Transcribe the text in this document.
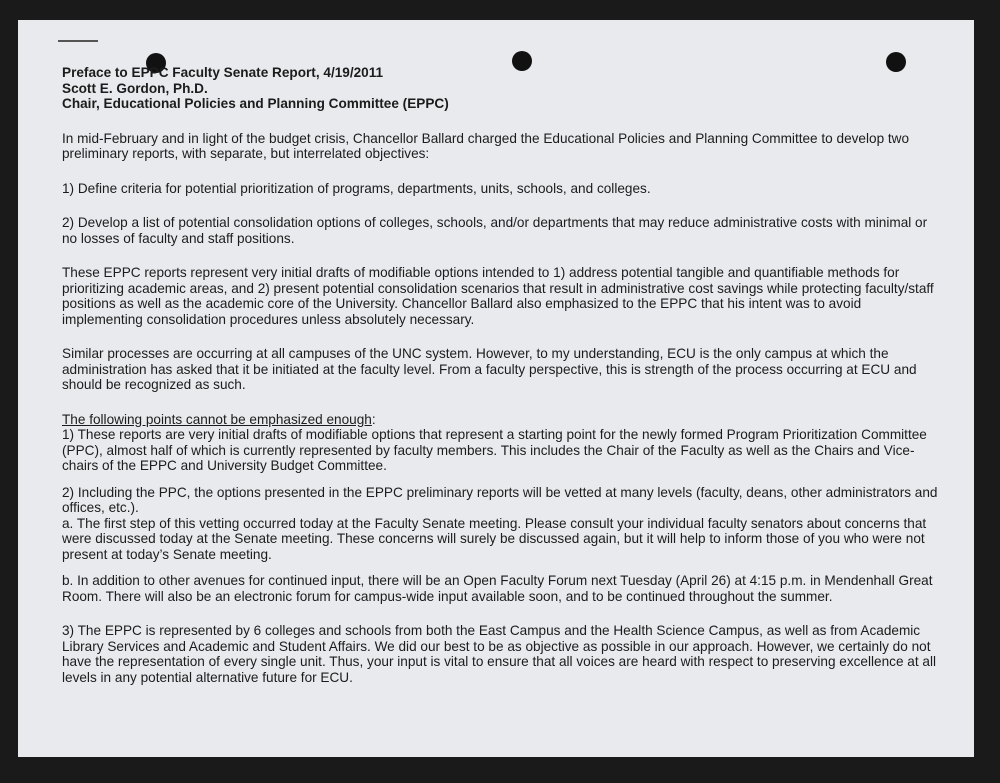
Preface to EPPC Faculty Senate Report, 4/19/2011

Scott E. Gordon, Ph.D.

Chair, Educational Policies and Planning Committee (EPPC)

In mid-February and in light of the budget crisis, Chancellor Ballard charged the Educational Policies and Planning Committee to develop two preliminary reports, with separate, but interrelated objectives:

1) Define criteria for potential prioritization of programs, departments, units, schools, and colleges.

2) Develop a list of potential consolidation options of colleges, schools, and/or departments that may reduce administrative costs with minimal or no losses of faculty and staff positions.

These EPPC reports represent very initial drafts of modifiable options intended to 1) address potential tangible and quantifiable methods for prioritizing academic areas, and 2) present potential consolidation scenarios that result in administrative cost savings while protecting faculty/staff positions as well as the academic core of the University. Chancellor Ballard also emphasized to the EPPC that his intent was to avoid implementing consolidation procedures unless absolutely necessary.

Similar processes are occurring at all campuses of the UNC system. However, to my understanding, ECU is the only campus at which the administration has asked that it be initiated at the faculty level. From a faculty perspective, this is strength of the process occurring at ECU and should be recognized as such.

The following points cannot be emphasized enough:

1) These reports are very initial drafts of modifiable options that represent a starting point for the newly formed Program Prioritization Committee (PPC), almost half of which is currently represented by faculty members. This includes the Chair of the Faculty as well as the Chairs and Vice-chairs of the EPPC and University Budget Committee.

2) Including the PPC, the options presented in the EPPC preliminary reports will be vetted at many levels (faculty, deans, other administrators and offices, etc.).

a. The first step of this vetting occurred today at the Faculty Senate meeting. Please consult your individual faculty senators about concerns that were discussed today at the Senate meeting. These concerns will surely be discussed again, but it will help to inform those of you who were not present at today’s Senate meeting.

b. In addition to other avenues for continued input, there will be an Open Faculty Forum next Tuesday (April 26) at 4:15 p.m. in Mendenhall Great Room. There will also be an electronic forum for campus-wide input available soon, and to be continued throughout the summer.

3) The EPPC is represented by 6 colleges and schools from both the East Campus and the Health Science Campus, as well as from Academic Library Services and Academic and Student Affairs. We did our best to be as objective as possible in our approach. However, we certainly do not have the representation of every single unit. Thus, your input is vital to ensure that all voices are heard with respect to preserving excellence at all levels in any potential alternative future for ECU.
